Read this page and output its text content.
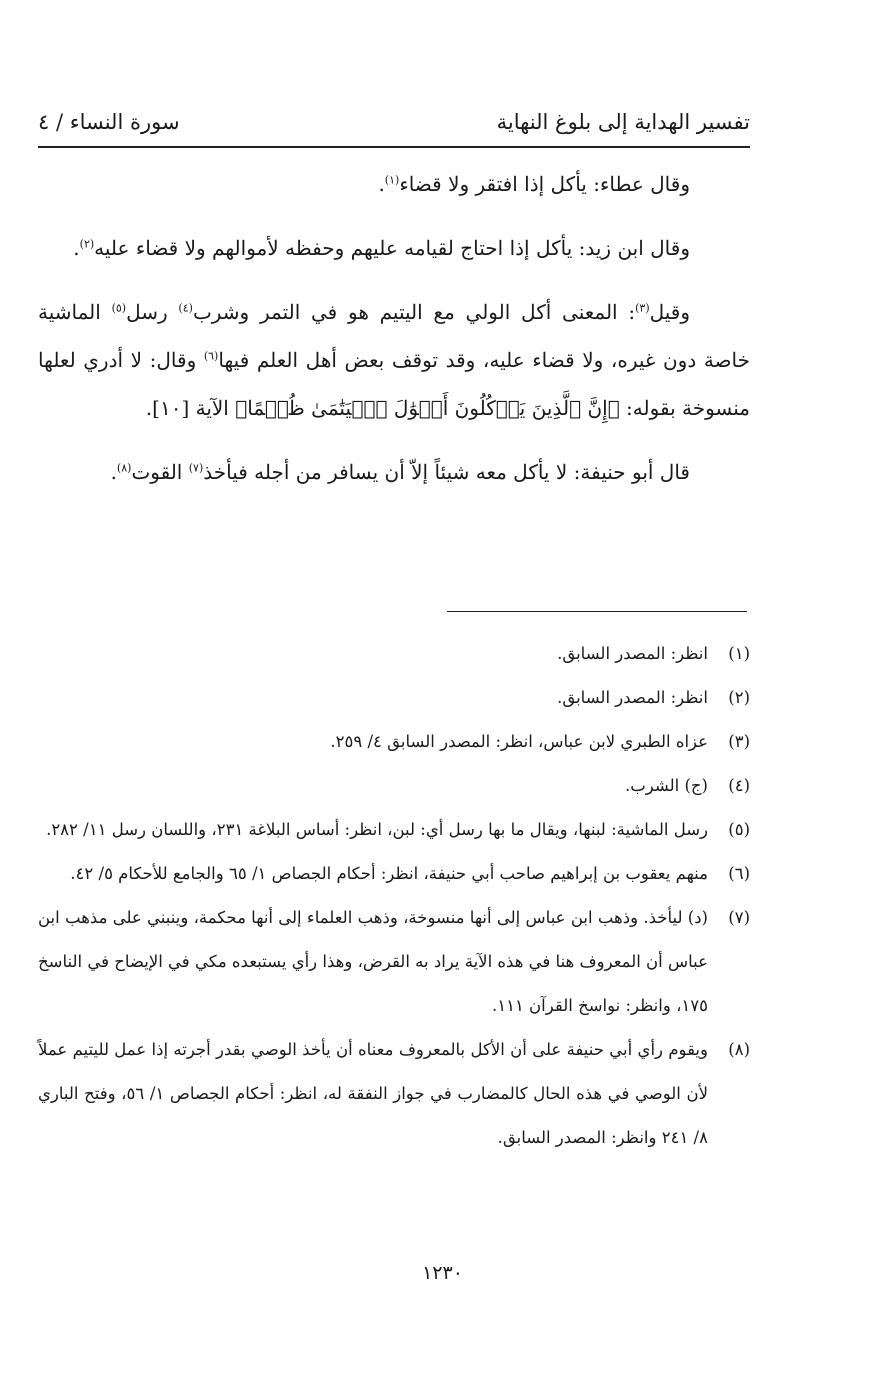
تفسير الهداية إلى بلوغ النهاية
سورة النساء / ٤

وقال عطاء: يأكل إذا افتقر ولا قضاء$^{(١)}$.

وقال ابن زيد: يأكل إذا احتاج لقيامه عليهم وحفظه لأموالهم ولا قضاء عليه$^{(٢)}$.

وقيل$^{(٣)}$: المعنى أكل الولي مع اليتيم هو في التمر وشرب$^{(٤)}$ رسل$^{(٥)}$ الماشية خاصة دون غيره، ولا قضاء عليه، وقد توقف بعض أهل العلم فيها$^{(٦)}$ وقال: لا أدري لعلها منسوخة بقوله: ﴿إِنَّ ٱلَّذِينَ يَأۡكُلُونَ أَمۡوَٰلَ ٱلۡيَتَٰمَىٰ ظُلۡمًا﴾ الآية [١٠].

قال أبو حنيفة: لا يأكل معه شيئاً إلاّ أن يسافر من أجله فيأخذ$^{(٧)}$ القوت$^{(٨)}$.

(١)
انظر: المصدر السابق.
(٢)
انظر: المصدر السابق.
(٣)
عزاه الطبري لابن عباس، انظر: المصدر السابق ٤/ ٢٥٩.
(٤)
(ج) الشرب.
(٥)
رسل الماشية: لبنها، ويقال ما بها رسل أي: لبن، انظر: أساس البلاغة ٢٣١، واللسان رسل ١١/ ٢٨٢.
(٦)
منهم يعقوب بن إبراهيم صاحب أبي حنيفة، انظر: أحكام الجصاص ١/ ٦٥ والجامع للأحكام ٥/ ٤٢.
(٧)
(د) ليأخذ. وذهب ابن عباس إلى أنها منسوخة، وذهب العلماء إلى أنها محكمة، وينبني على مذهب ابن عباس أن المعروف هنا في هذه الآية يراد به القرض، وهذا رأي يستبعده مكي في الإيضاح في الناسخ ١٧٥، وانظر: نواسخ القرآن ١١١.
(٨)
ويقوم رأي أبي حنيفة على أن الأكل بالمعروف معناه أن يأخذ الوصي بقدر أجرته إذا عمل لليتيم عملاً لأن الوصي في هذه الحال كالمضارب في جواز النفقة له، انظر: أحكام الجصاص ١/ ٥٦، وفتح الباري ٨/ ٢٤١ وانظر: المصدر السابق.
١٢٣٠
